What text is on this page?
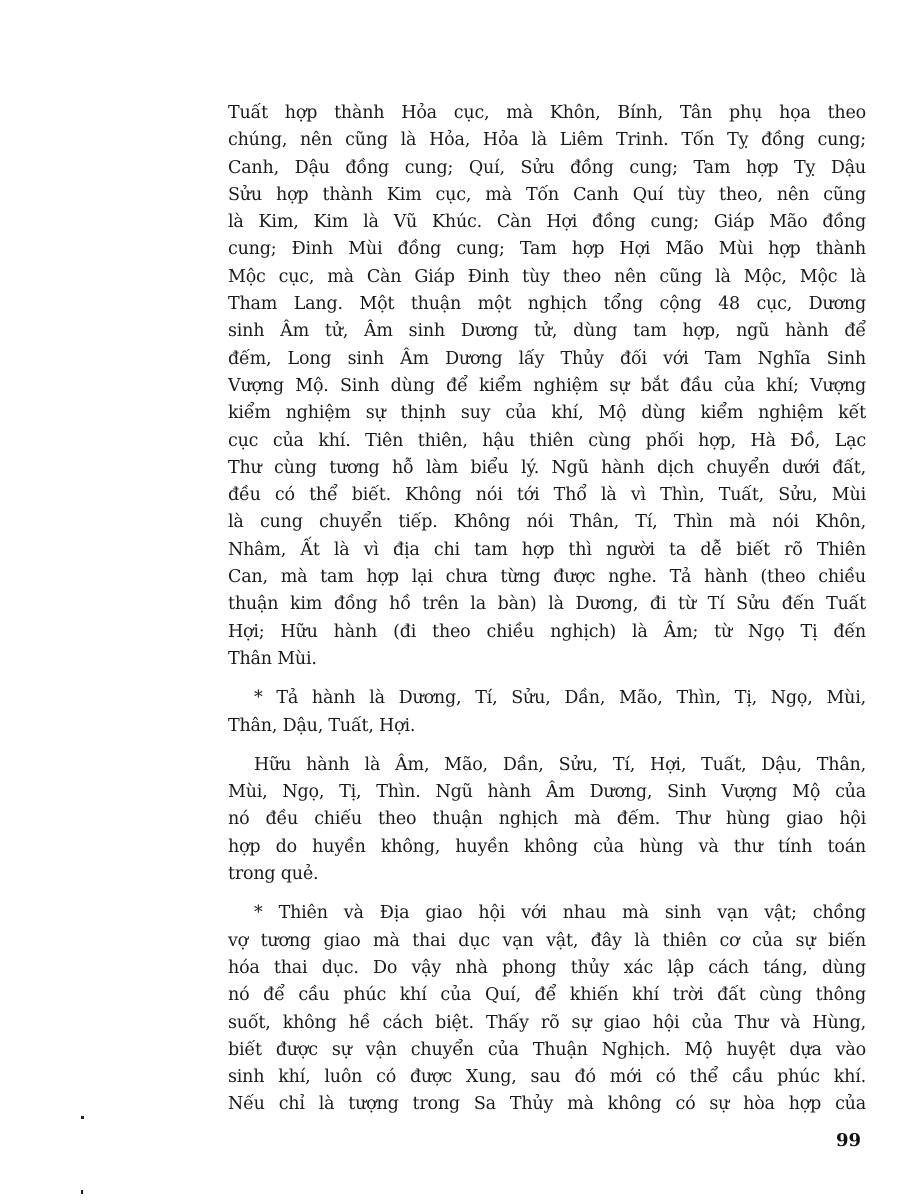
Tuất hợp thành Hỏa cục, mà Khôn, Bính, Tân phụ họa theo
chúng, nên cũng là Hỏa, Hỏa là Liêm Trinh. Tốn Tỵ đồng cung;
Canh, Dậu đồng cung; Quí, Sửu đồng cung; Tam hợp Tỵ Dậu
Sửu hợp thành Kim cục, mà Tốn Canh Quí tùy theo, nên cũng
là Kim, Kim là Vũ Khúc. Càn Hợi đồng cung; Giáp Mão đồng
cung; Đinh Mùi đồng cung; Tam hợp Hợi Mão Mùi hợp thành
Mộc cục, mà Càn Giáp Đinh tùy theo nên cũng là Mộc, Mộc là
Tham Lang. Một thuận một nghịch tổng cộng 48 cục, Dương
sinh Âm tử, Âm sinh Dương tử, dùng tam hợp, ngũ hành để
đếm, Long sinh Âm Dương lấy Thủy đối với Tam Nghĩa Sinh
Vượng Mộ. Sinh dùng để kiểm nghiệm sự bắt đầu của khí; Vượng
kiểm nghiệm sự thịnh suy của khí, Mộ dùng kiểm nghiệm kết
cục của khí. Tiên thiên, hậu thiên cùng phối hợp, Hà Đồ, Lạc
Thư cùng tương hỗ làm biểu lý. Ngũ hành dịch chuyển dưới đất,
đều có thể biết. Không nói tới Thổ là vì Thìn, Tuất, Sửu, Mùi
là cung chuyển tiếp. Không nói Thân, Tí, Thìn mà nói Khôn,
Nhâm, Ất là vì địa chi tam hợp thì người ta dễ biết rõ Thiên
Can, mà tam hợp lại chưa từng được nghe. Tả hành (theo chiều
thuận kim đồng hồ trên la bàn) là Dương, đi từ Tí Sửu đến Tuất
Hợi; Hữu hành (đi theo chiều nghịch) là Âm; từ Ngọ Tị đến
Thân Mùi.
* Tả hành là Dương, Tí, Sửu, Dần, Mão, Thìn, Tị, Ngọ, Mùi,
Thân, Dậu, Tuất, Hợi.
Hữu hành là Âm, Mão, Dần, Sửu, Tí, Hợi, Tuất, Dậu, Thân,
Mùi, Ngọ, Tị, Thìn. Ngũ hành Âm Dương, Sinh Vượng Mộ của
nó đều chiếu theo thuận nghịch mà đếm. Thư hùng giao hội
hợp do huyền không, huyền không của hùng và thư tính toán
trong quẻ.
* Thiên và Địa giao hội với nhau mà sinh vạn vật; chồng
vợ tương giao mà thai dục vạn vật, đây là thiên cơ của sự biến
hóa thai dục. Do vậy nhà phong thủy xác lập cách táng, dùng
nó để cầu phúc khí của Quí, để khiến khí trời đất cùng thông
suốt, không hề cách biệt. Thấy rõ sự giao hội của Thư và Hùng,
biết được sự vận chuyển của Thuận Nghịch. Mộ huyệt dựa vào
sinh khí, luôn có được Xung, sau đó mới có thể cầu phúc khí.
Nếu chỉ là tượng trong Sa Thủy mà không có sự hòa hợp của
99
